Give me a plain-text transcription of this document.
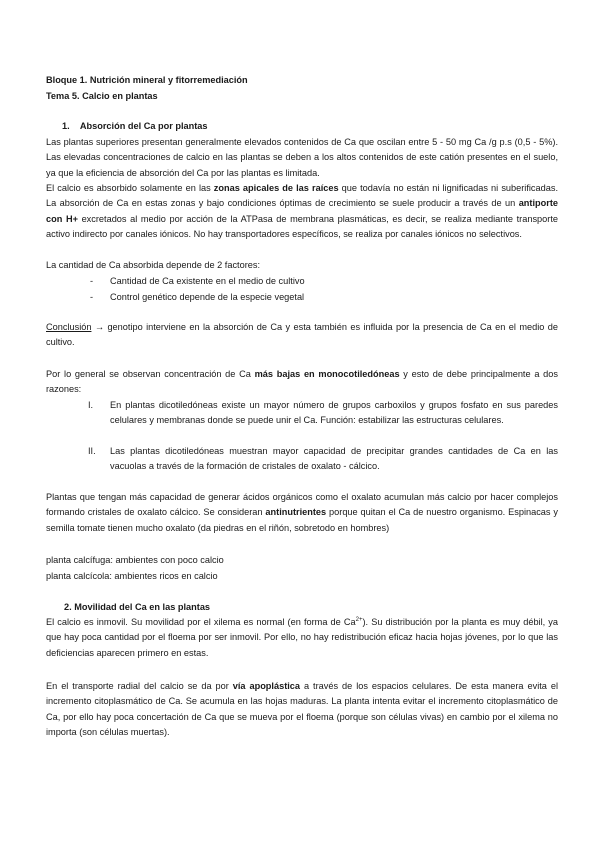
Bloque 1. Nutrición mineral y fitorremediación
Tema 5. Calcio en plantas
1. Absorción del Ca por plantas
Las plantas superiores presentan generalmente elevados contenidos de Ca que oscilan entre 5 - 50 mg Ca /g p.s (0,5 - 5%). Las elevadas concentraciones de calcio en las plantas se deben a los altos contenidos de este catión presentes en el suelo, ya que la eficiencia de absorción del Ca por las plantas es limitada.
El calcio es absorbido solamente en las zonas apicales de las raíces que todavía no están ni lignificadas ni suberificadas. La absorción de Ca en estas zonas y bajo condiciones óptimas de crecimiento se suele producir a través de un antiporte con H+ excretados al medio por acción de la ATPasa de membrana plasmáticas, es decir, se realiza mediante transporte activo indirecto por canales iónicos. No hay transportadores específicos, se realiza por canales iónicos no selectivos.
La cantidad de Ca absorbida depende de 2 factores:
- Cantidad de Ca existente en el medio de cultivo
- Control genético depende de la especie vegetal
Conclusión → genotipo interviene en la absorción de Ca y esta también es influida por la presencia de Ca en el medio de cultivo.
Por lo general se observan concentración de Ca más bajas en monocotiledóneas y esto de debe principalmente a dos razones:
I. En plantas dicotiledóneas existe un mayor número de grupos carboxilos y grupos fosfato en sus paredes celulares y membranas donde se puede unir el Ca. Función: estabilizar las estructuras celulares.
II. Las plantas dicotiledóneas muestran mayor capacidad de precipitar grandes cantidades de Ca en las vacuolas a través de la formación de cristales de oxalato - cálcico.
Plantas que tengan más capacidad de generar ácidos orgánicos como el oxalato acumulan más calcio por hacer complejos formando cristales de oxalato cálcico. Se consideran antinutrientes porque quitan el Ca de nuestro organismo. Espinacas y semilla tomate tienen mucho oxalato (da piedras en el riñón, sobretodo en hombres)
planta calcífuga: ambientes con poco calcio
planta calcícola: ambientes ricos en calcio
2. Movilidad del Ca en las plantas
El calcio es inmovil. Su movilidad por el xilema es normal (en forma de $Ca^{2+}$). Su distribución por la planta es muy débil, ya que hay poca cantidad por el floema por ser inmovil. Por ello, no hay redistribución eficaz hacia hojas jóvenes, por lo que las deficiencias aparecen primero en estas.
En el transporte radial del calcio se da por vía apoplástica a través de los espacios celulares. De esta manera evita el incremento citoplasmático de Ca. Se acumula en las hojas maduras. La planta intenta evitar el incremento citoplasmático de Ca, por ello hay poca concertación de Ca que se mueva por el floema (porque son células vivas) en cambio por el xilema no importa (son células muertas).
